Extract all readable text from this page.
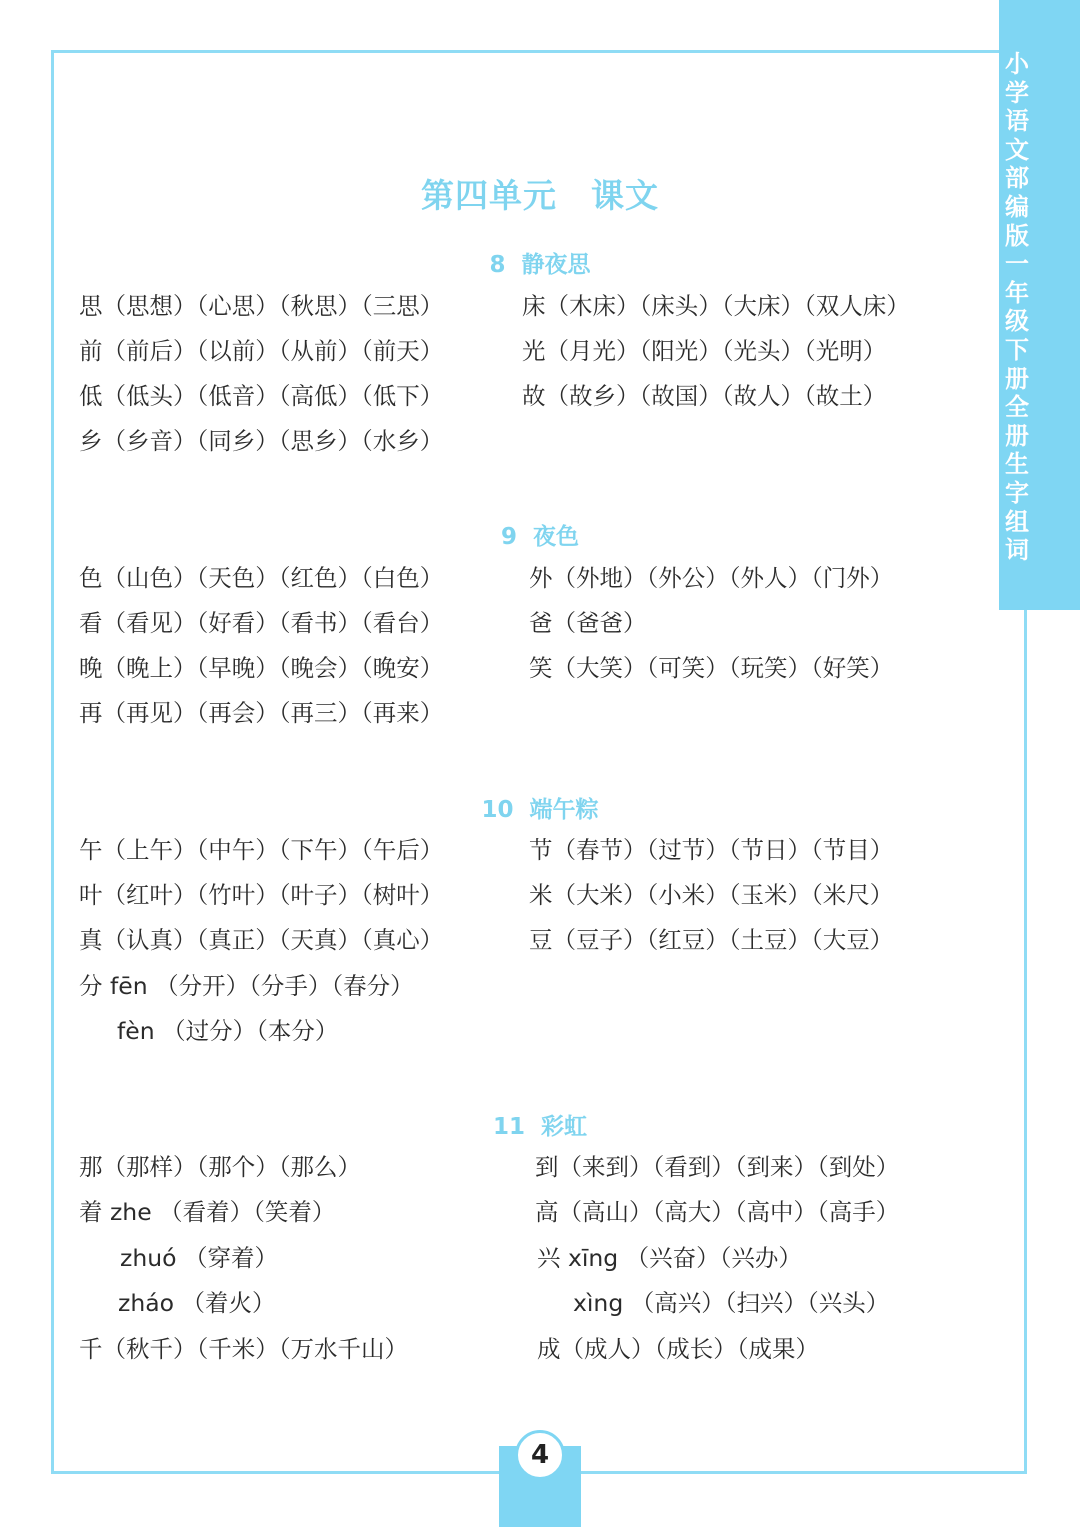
小学语文部编版 一年级下册 全册生字组词
第四单元　课文
8  静夜思
思（思想）（心思）（秋思）（三思）	床（木床）（床头）（大床）（双人床）
前（前后）（以前）（从前）（前天）	光（月光）（阳光）（光头）（光明）
低（低头）（低音）（高低）（低下）	故（故乡）（故国）（故人）（故土）
乡（乡音）（同乡）（思乡）（水乡）
9  夜色
色（山色）（天色）（红色）（白色）	外（外地）（外公）（外人）（门外）
看（看见）（好看）（看书）（看台）	爸（爸爸）
晚（晚上）（早晚）（晚会）（晚安）	笑（大笑）（可笑）（玩笑）（好笑）
再（再见）（再会）（再三）（再来）
10  端午粽
午（上午）（中午）（下午）（午后）	节（春节）（过节）（节日）（节目）
叶（红叶）（竹叶）（叶子）（树叶）	米（大米）（小米）（玉米）（米尺）
真（认真）（真正）（天真）（真心）	豆（豆子）（红豆）（土豆）（大豆）
分 fēn （分开）（分手）（春分）
fèn （过分）（本分）
11  彩虹
那（那样）（那个）（那么）	到（来到）（看到）（到来）（到处）
着 zhe （看着）（笑着）	高（高山）（高大）（高中）（高手）
zhuó （穿着）	兴 xīng （兴奋）（兴办）
zháo （着火）	xìng （高兴）（扫兴）（兴头）
千（秋千）（千米）（万水千山）	成（成人）（成长）（成果）
4
